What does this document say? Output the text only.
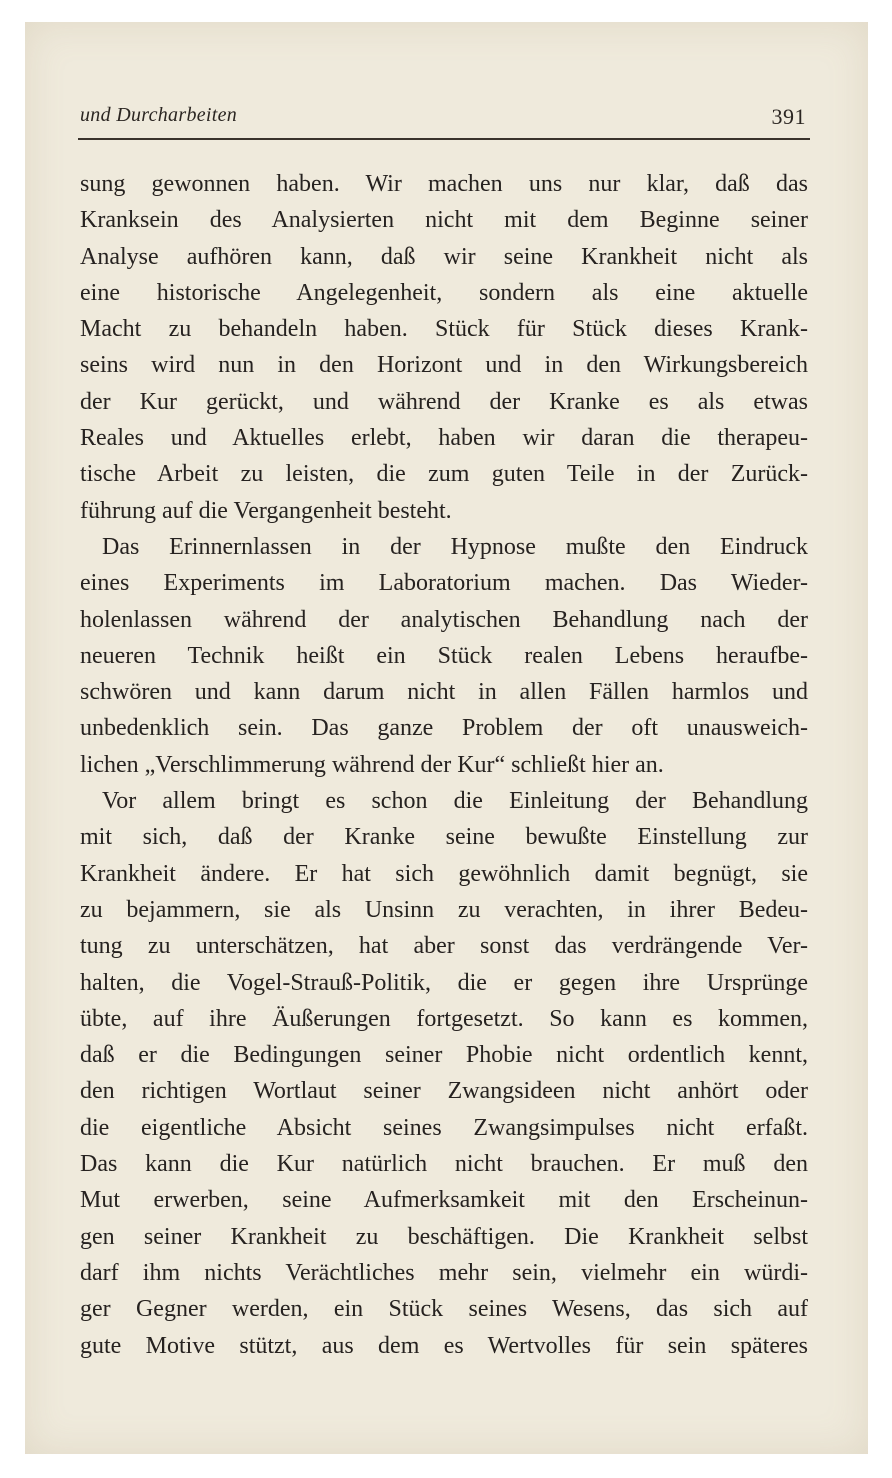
und Durcharbeiten	391
sung gewonnen haben. Wir machen uns nur klar, daß das
Kranksein des Analysierten nicht mit dem Beginne seiner
Analyse aufhören kann, daß wir seine Krankheit nicht als
eine historische Angelegenheit, sondern als eine aktuelle
Macht zu behandeln haben. Stück für Stück dieses Krank-
seins wird nun in den Horizont und in den Wirkungsbereich
der Kur gerückt, und während der Kranke es als etwas
Reales und Aktuelles erlebt, haben wir daran die therapeu-
tische Arbeit zu leisten, die zum guten Teile in der Zurück-
führung auf die Vergangenheit besteht.
Das Erinnernlassen in der Hypnose mußte den Eindruck
eines Experiments im Laboratorium machen. Das Wieder-
holenlassen während der analytischen Behandlung nach der
neueren Technik heißt ein Stück realen Lebens heraufbe-
schwören und kann darum nicht in allen Fällen harmlos und
unbedenklich sein. Das ganze Problem der oft unausweich-
lichen „Verschlimmerung während der Kur“ schließt hier an.
Vor allem bringt es schon die Einleitung der Behandlung
mit sich, daß der Kranke seine bewußte Einstellung zur
Krankheit ändere. Er hat sich gewöhnlich damit begnügt, sie
zu bejammern, sie als Unsinn zu verachten, in ihrer Bedeu-
tung zu unterschätzen, hat aber sonst das verdrängende Ver-
halten, die Vogel-Strauß-Politik, die er gegen ihre Ursprünge
übte, auf ihre Äußerungen fortgesetzt. So kann es kommen,
daß er die Bedingungen seiner Phobie nicht ordentlich kennt,
den richtigen Wortlaut seiner Zwangsideen nicht anhört oder
die eigentliche Absicht seines Zwangsimpulses nicht erfaßt.
Das kann die Kur natürlich nicht brauchen. Er muß den
Mut erwerben, seine Aufmerksamkeit mit den Erscheinun-
gen seiner Krankheit zu beschäftigen. Die Krankheit selbst
darf ihm nichts Verächtliches mehr sein, vielmehr ein würdi-
ger Gegner werden, ein Stück seines Wesens, das sich auf
gute Motive stützt, aus dem es Wertvolles für sein späteres
